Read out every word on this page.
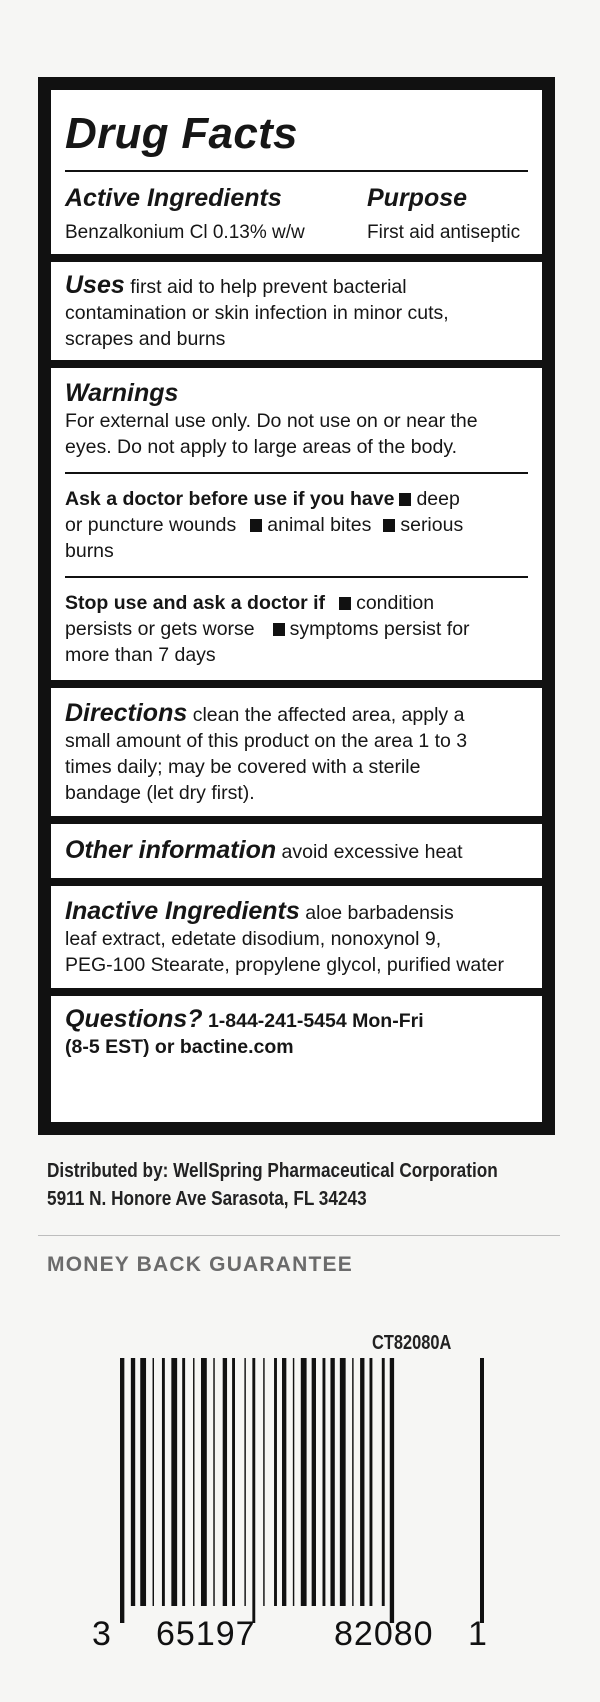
Drug Facts
Active Ingredients	Purpose
Benzalkonium Cl 0.13% w/w	First aid antiseptic

Uses first aid to help prevent bacterial
contamination or skin infection in minor cuts,
scrapes and burns

Warnings

For external use only. Do not use on or near the
eyes. Do not apply to large areas of the body.

Ask a doctor before use if you have deep
or puncture wounds animal bites serious
burns

Stop use and ask a doctor if condition
persists or gets worse symptoms persist for
more than 7 days

Directions clean the affected area, apply a
small amount of this product on the area 1 to 3
times daily; may be covered with a sterile
bandage (let dry first).

Other information avoid excessive heat

Inactive Ingredients aloe barbadensis
leaf extract, edetate disodium, nonoxynol 9,
PEG-100 Stearate, propylene glycol, purified water

Questions? 1-844-241-5454 Mon-Fri
(8-5 EST) or bactine.com

Distributed by: WellSpring Pharmaceutical Corporation
5911 N. Honore Ave Sarasota, FL 34243
MONEY BACK GUARANTEE
CT82080A
3 65197 82080 1
